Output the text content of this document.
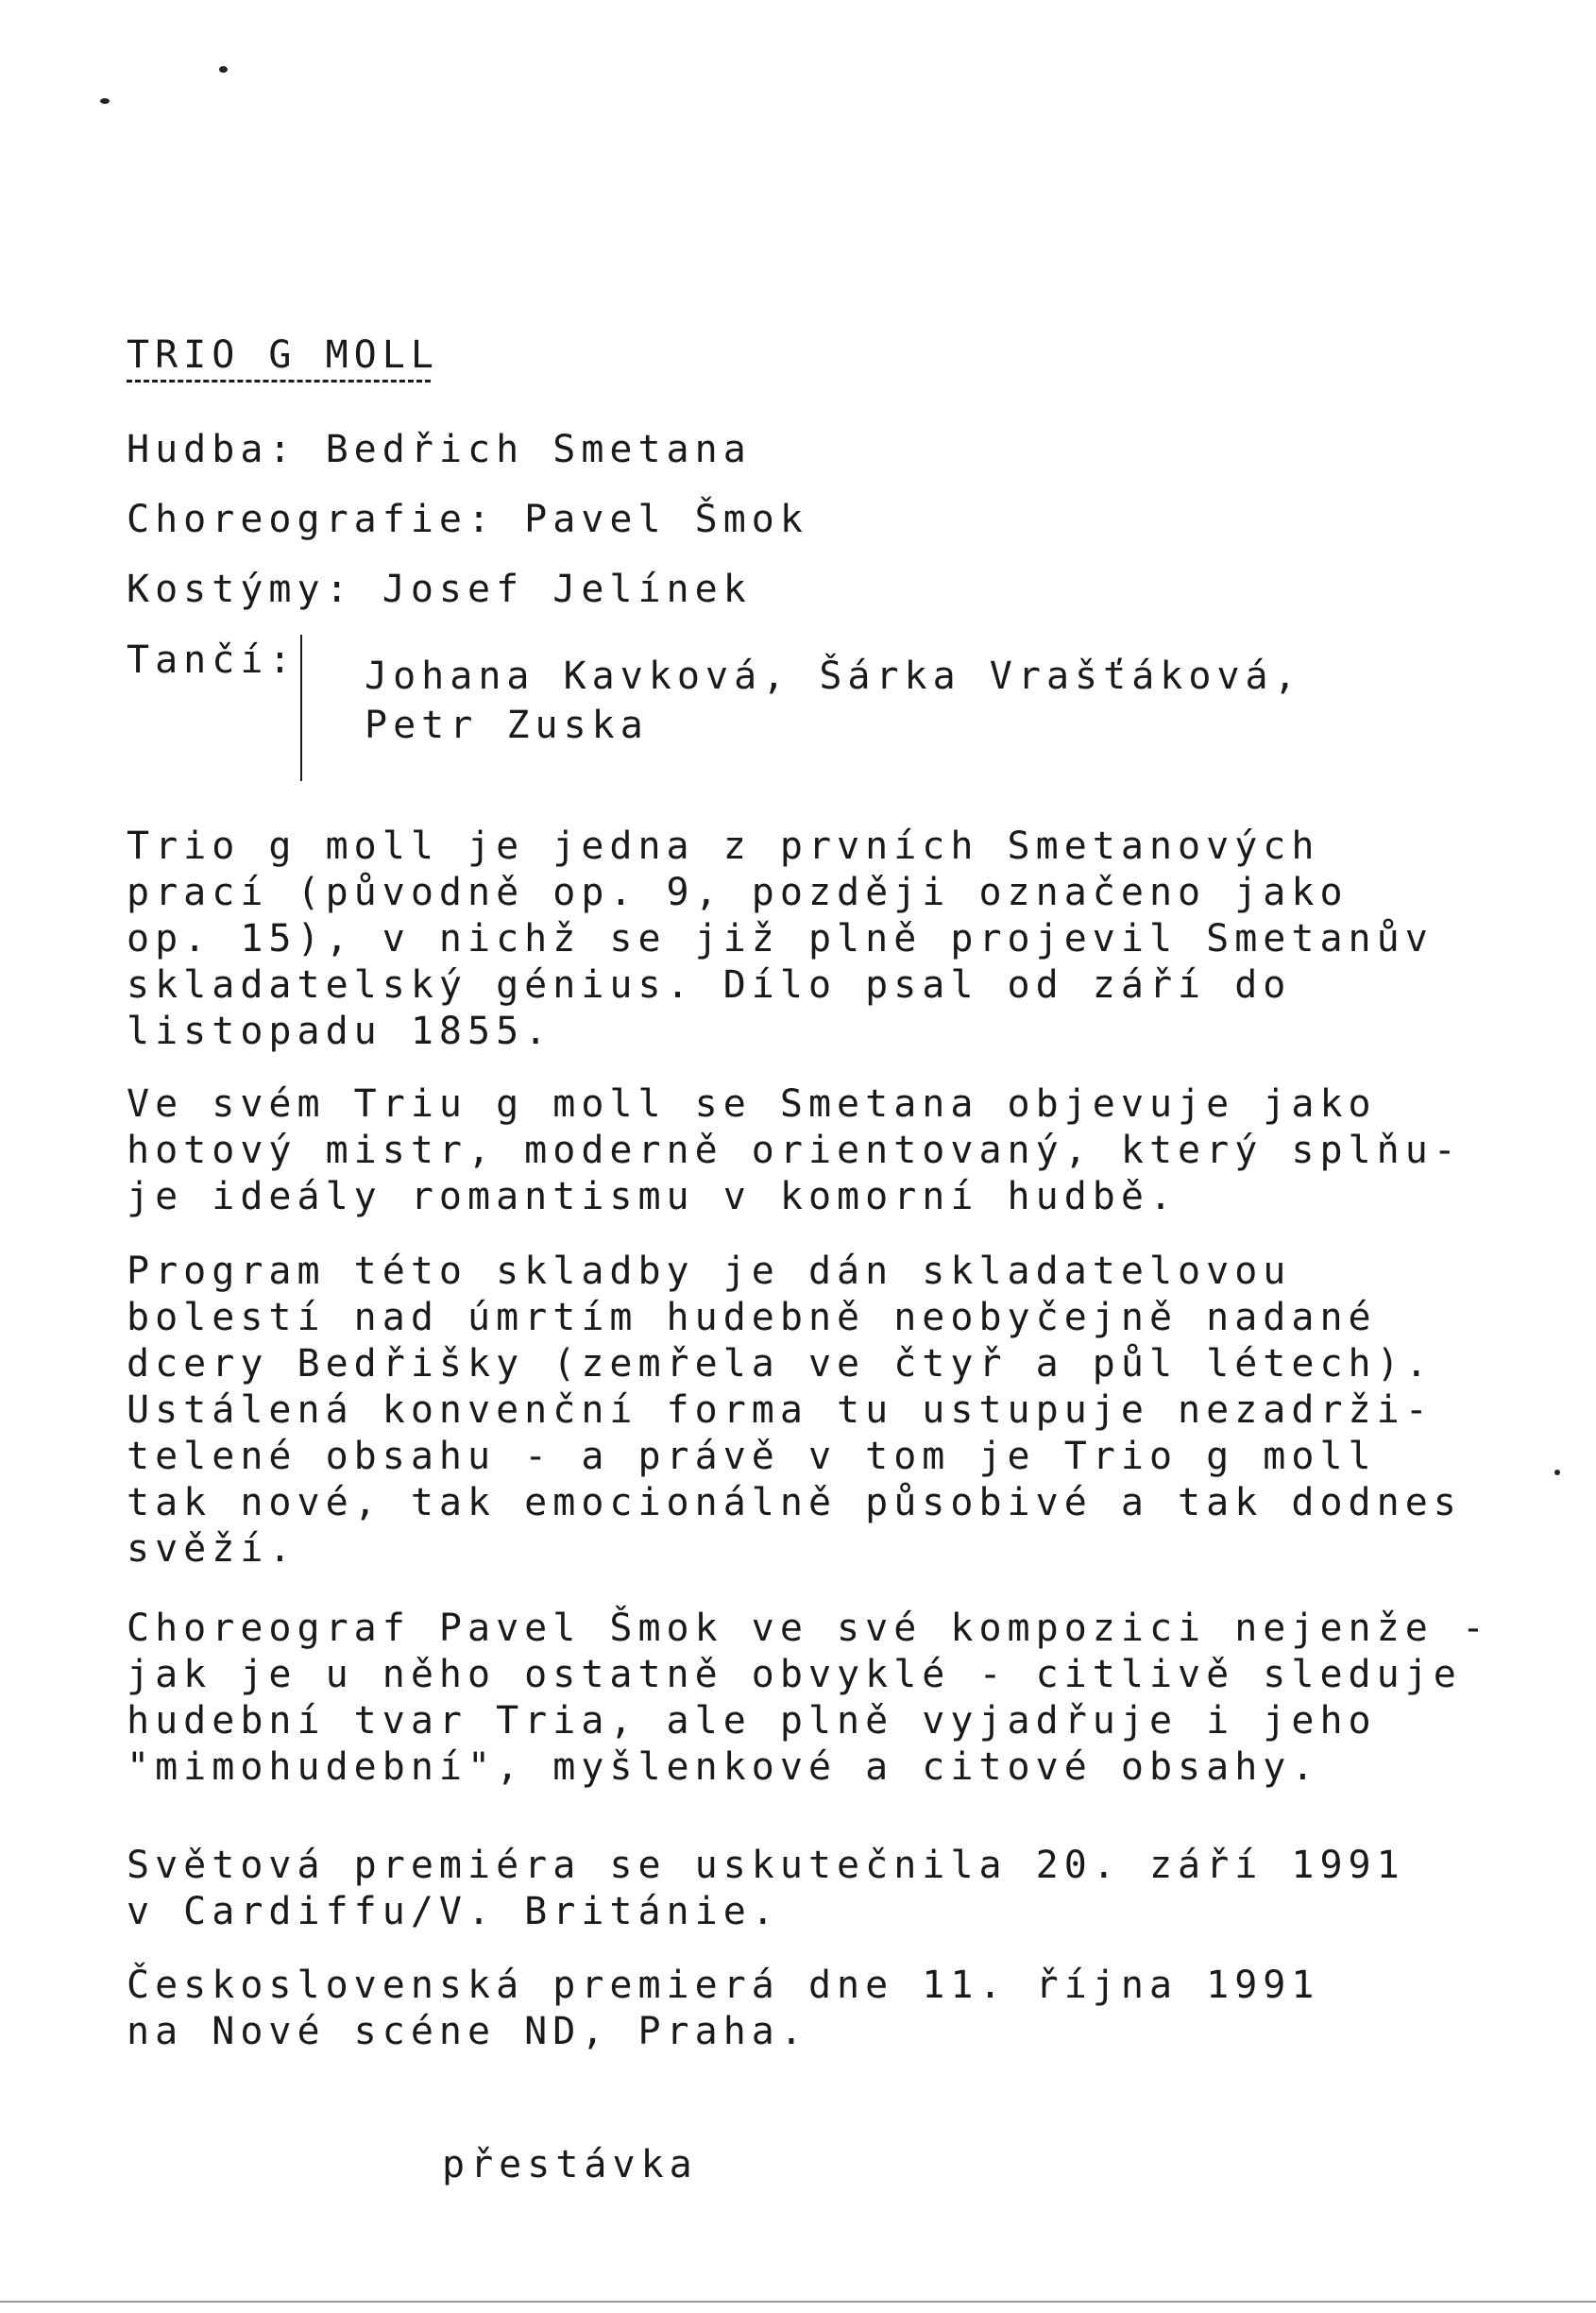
TRIO G MOLL
Hudba: Bedřich Smetana
Choreografie: Pavel Šmok
Kostýmy: Josef Jelínek
Tančí: Johana Kavková, Šárka Vrašťáková,
Petr Zuska
Trio g moll je jedna z prvních Smetanových
prací (původně op. 9, později označeno jako
op. 15), v nichž se již plně projevil Smetanův
skladatelský génius. Dílo psal od září do
listopadu 1855.
Ve svém Triu g moll se Smetana objevuje jako
hotový mistr, moderně orientovaný, který splňu-
je ideály romantismu v komorní hudbě.
Program této skladby je dán skladatelovou
bolestí nad úmrtím hudebně neobyčejně nadané
dcery Bedřišky (zemřela ve čtyř a půl létech).
Ustálená konvenční forma tu ustupuje nezadrži-
telené obsahu - a právě v tom je Trio g moll
tak nové, tak emocionálně působivé a tak dodnes
svěží.
Choreograf Pavel Šmok ve své kompozici nejenže -
jak je u něho ostatně obvyklé - citlivě sleduje
hudební tvar Tria, ale plně vyjadřuje i jeho
"mimohudební", myšlenkové a citové obsahy.
Světová premiéra se uskutečnila 20. září 1991
v Cardiffu/V. Británie.
Československá premierá dne 11. října 1991
na Nové scéne ND, Praha.
přestávka
